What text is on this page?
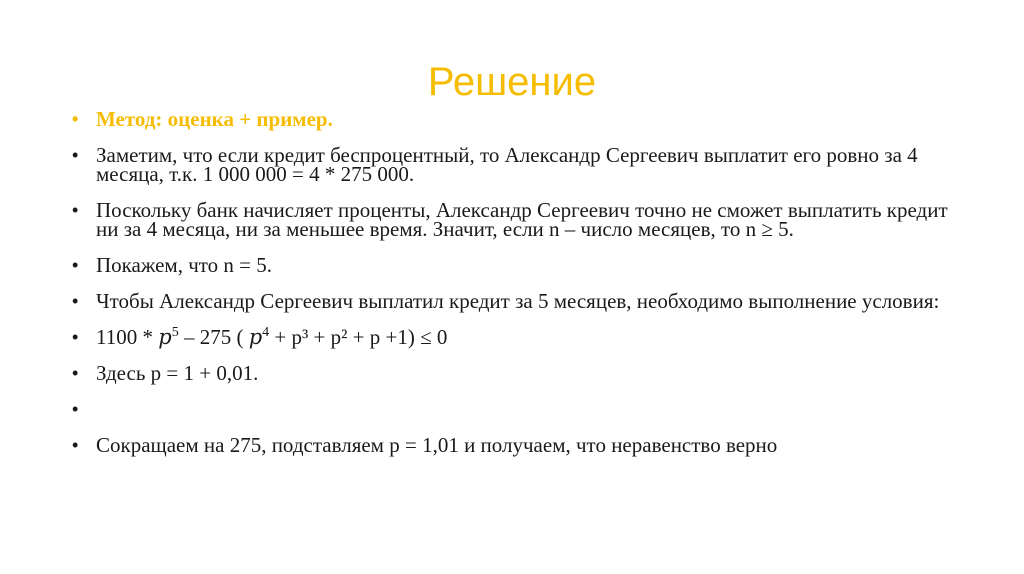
Решение
• Метод: оценка + пример.
• Заметим, что если кредит беспроцентный, то Александр Сергеевич выплатит его ровно за 4 месяца, т.к. 1 000 000 = 4 * 275 000.
• Поскольку банк начисляет проценты, Александр Сергеевич точно не сможет выплатить кредит ни за 4 месяца, ни за меньшее время. Значит, если n – число месяцев, то n ≥ 5.
• Покажем, что n = 5.
• Чтобы Александр Сергеевич выплатил кредит за 5 месяцев, необходимо выполнение условия:
• $1100 * p^5 - 275$ ( $p^4 + p^3 + p^2 + p +1) \le 0$
• Здесь p = 1 + 0,01.
•
• Сокращаем на 275, подставляем p = 1,01 и получаем, что неравенство верно
